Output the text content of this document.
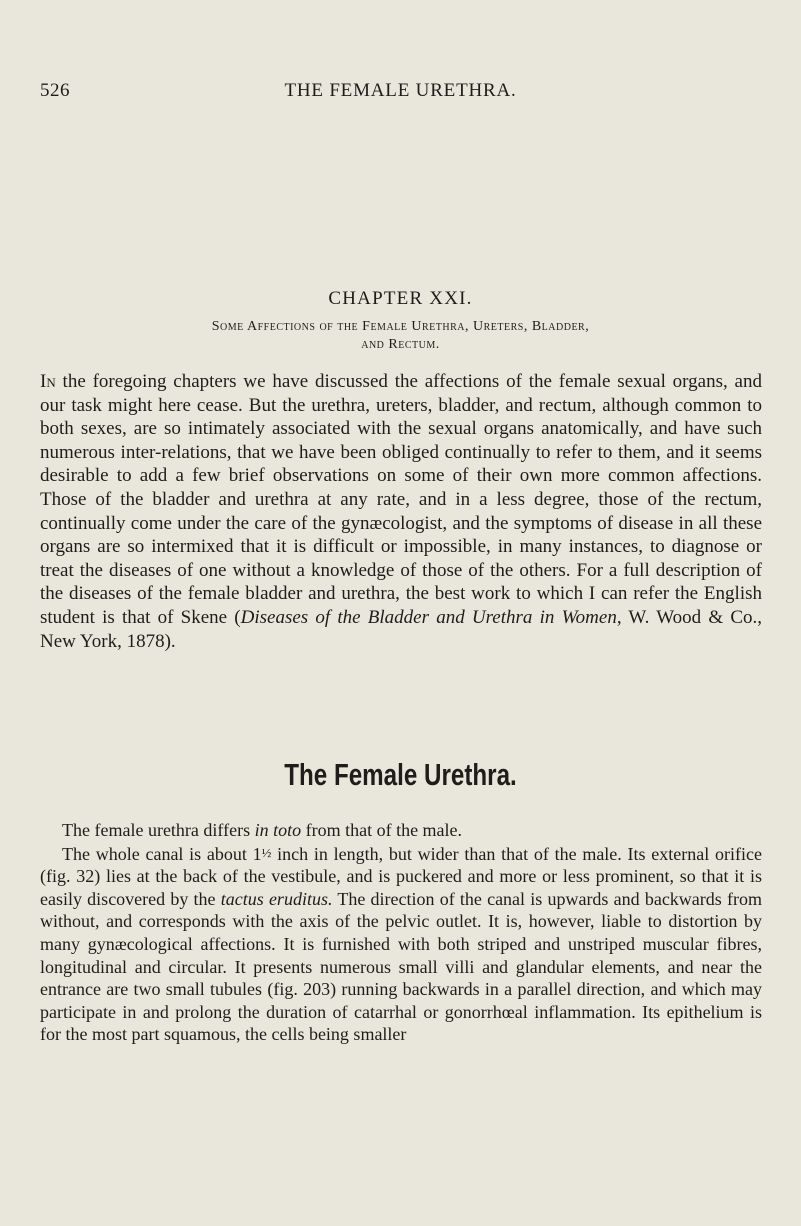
526	THE FEMALE URETHRA.
CHAPTER XXI.
Some Affections of the Female Urethra, Ureters, Bladder,
and Rectum.

In the foregoing chapters we have discussed the affections of the female sexual organs, and our task might here cease. But the urethra, ureters, bladder, and rectum, although common to both sexes, are so intimately associated with the sexual organs anatomically, and have such numerous inter-relations, that we have been obliged continually to refer to them, and it seems desirable to add a few brief observations on some of their own more common affections. Those of the bladder and urethra at any rate, and in a less degree, those of the rectum, continually come under the care of the gynæcologist, and the symptoms of disease in all these organs are so intermixed that it is difficult or impossible, in many instances, to diagnose or treat the diseases of one without a knowledge of those of the others. For a full description of the diseases of the female bladder and urethra, the best work to which I can refer the English student is that of Skene (Diseases of the Bladder and Urethra in Women, W. Wood & Co., New York, 1878).

The Female Urethra.
The female urethra differs in toto from that of the male.
The whole canal is about 1½ inch in length, but wider than that of the male. Its external orifice (fig. 32) lies at the back of the vestibule, and is puckered and more or less prominent, so that it is easily discovered by the tactus eruditus. The direction of the canal is upwards and backwards from without, and corresponds with the axis of the pelvic outlet. It is, however, liable to distortion by many gynæcological affections. It is furnished with both striped and unstriped muscular fibres, longitudinal and circular. It presents numerous small villi and glandular elements, and near the entrance are two small tubules (fig. 203) running backwards in a parallel direction, and which may participate in and prolong the duration of catarrhal or gonorrhœal inflammation. Its epithelium is for the most part squamous, the cells being smaller
